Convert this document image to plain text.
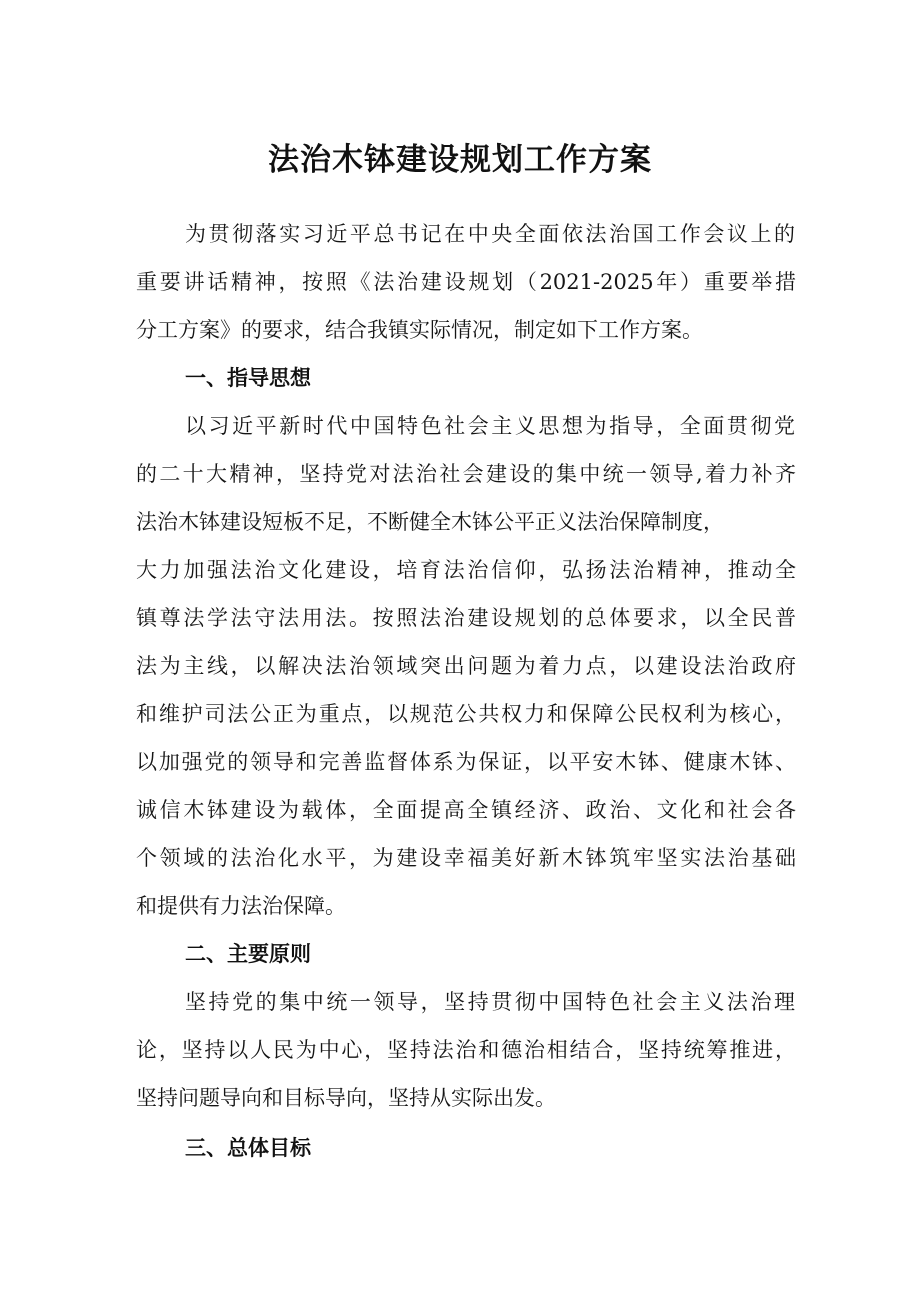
法治木钵建设规划工作方案

为贯彻落实习近平总书记在中央全面依法治国工作会议上的

重要讲话精神，按照《法治建设规划（2021-2025年）重要举措

分工方案》的要求，结合我镇实际情况，制定如下工作方案。

一、指导思想

以习近平新时代中国特色社会主义思想为指导，全面贯彻党

的二十大精神，坚持党对法治社会建设的集中统一领导,着力补齐

法治木钵建设短板不足，不断健全木钵公平正义法治保障制度，

大力加强法治文化建设，培育法治信仰，弘扬法治精神，推动全

镇尊法学法守法用法。按照法治建设规划的总体要求，以全民普

法为主线，以解决法治领域突出问题为着力点，以建设法治政府

和维护司法公正为重点，以规范公共权力和保障公民权利为核心，

以加强党的领导和完善监督体系为保证，以平安木钵、健康木钵、

诚信木钵建设为载体，全面提高全镇经济、政治、文化和社会各

个领域的法治化水平，为建设幸福美好新木钵筑牢坚实法治基础

和提供有力法治保障。

二、主要原则

坚持党的集中统一领导，坚持贯彻中国特色社会主义法治理

论，坚持以人民为中心，坚持法治和德治相结合，坚持统筹推进，

坚持问题导向和目标导向，坚持从实际出发。

三、总体目标
